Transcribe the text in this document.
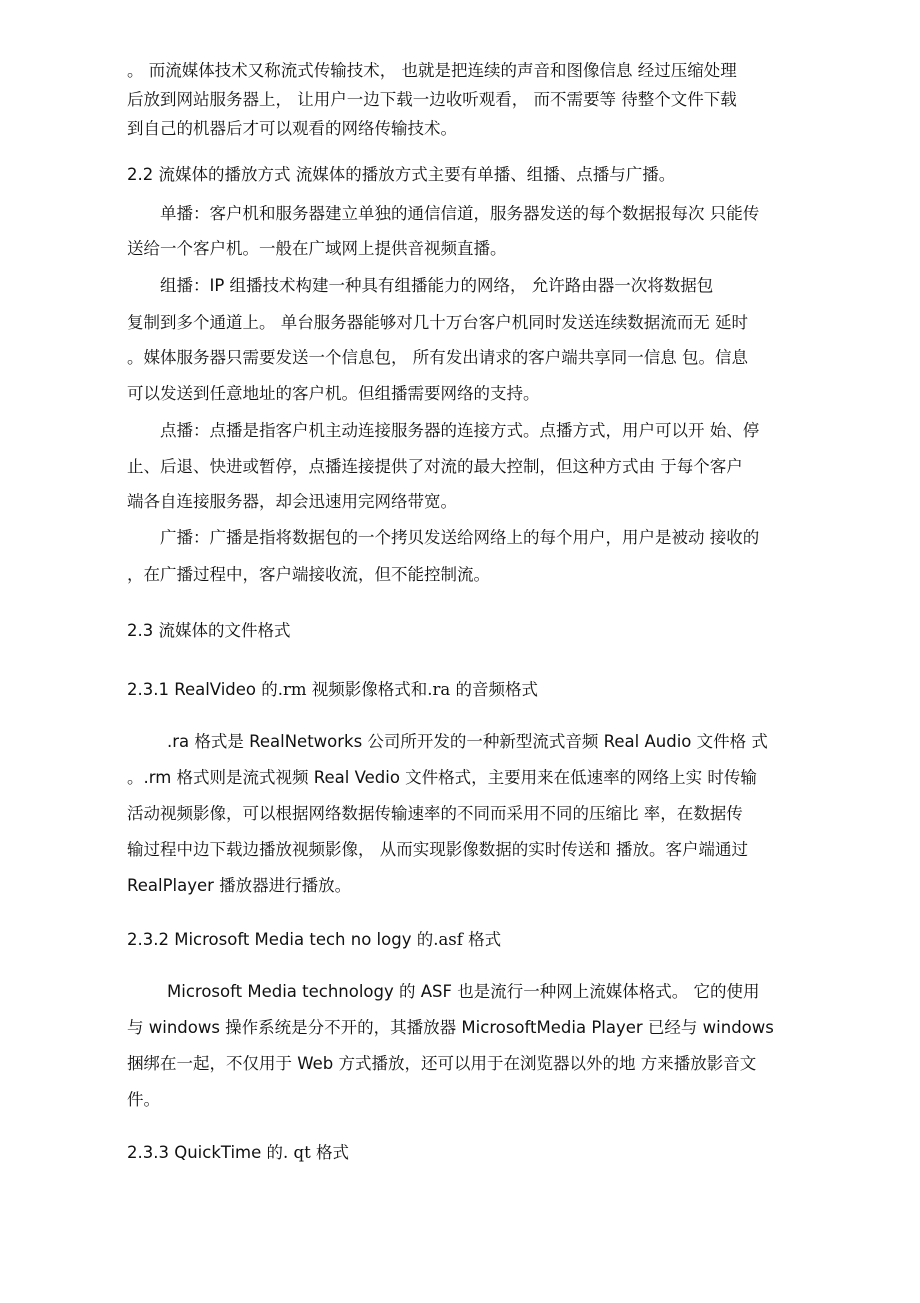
。 而流媒体技术又称流式传输技术， 也就是把连续的声音和图像信息 经过压缩处理
后放到网站服务器上， 让用户一边下载一边收听观看， 而不需要等 待整个文件下载
到自己的机器后才可以观看的网络传输技术。
2.2 流媒体的播放方式 流媒体的播放方式主要有单播、组播、点播与广播。
单播：客户机和服务器建立单独的通信信道，服务器发送的每个数据报每次 只能传
送给一个客户机。一般在广域网上提供音视频直播。
组播：IP 组播技术构建一种具有组播能力的网络， 允许路由器一次将数据包
复制到多个通道上。 单台服务器能够对几十万台客户机同时发送连续数据流而无 延时
。媒体服务器只需要发送一个信息包， 所有发出请求的客户端共享同一信息 包。信息
可以发送到任意地址的客户机。但组播需要网络的支持。
点播：点播是指客户机主动连接服务器的连接方式。点播方式，用户可以开 始、停
止、后退、快进或暂停，点播连接提供了对流的最大控制，但这种方式由 于每个客户
端各自连接服务器，却会迅速用完网络带宽。
广播：广播是指将数据包的一个拷贝发送给网络上的每个用户，用户是被动 接收的
，在广播过程中，客户端接收流，但不能控制流。
2.3 流媒体的文件格式
2.3.1 RealVideo 的.rm 视频影像格式和.ra 的音频格式
.ra 格式是 RealNetworks 公司所开发的一种新型流式音频 Real Audio 文件格 式
。.rm 格式则是流式视频 Real Vedio 文件格式，主要用来在低速率的网络上实 时传输
活动视频影像，可以根据网络数据传输速率的不同而采用不同的压缩比 率，在数据传
输过程中边下载边播放视频影像， 从而实现影像数据的实时传送和 播放。客户端通过
RealPlayer 播放器进行播放。
2.3.2 Microsoft Media tech no logy 的.asf 格式
Microsoft Media technology 的 ASF 也是流行一种网上流媒体格式。 它的使用
与 windows 操作系统是分不开的，其播放器 MicrosoftMedia Player 已经与 windows
捆绑在一起，不仅用于 Web 方式播放，还可以用于在浏览器以外的地 方来播放影音文
件。
2.3.3 QuickTime 的. qt 格式
